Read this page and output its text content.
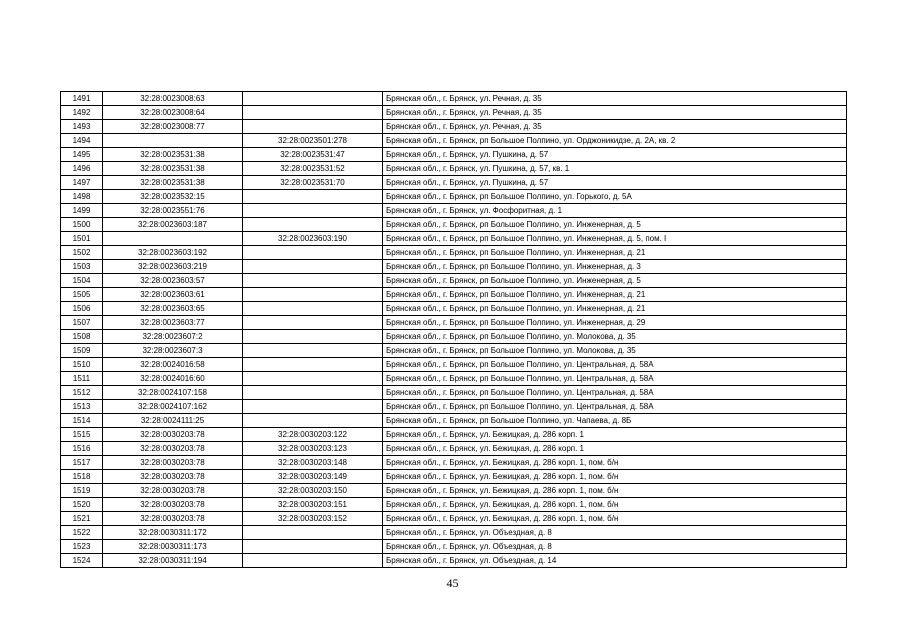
1491	32:28:0023008:63		Брянская обл., г. Брянск, ул. Речная, д. 35
1492	32:28:0023008:64		Брянская обл., г. Брянск, ул. Речная, д. 35
1493	32:28:0023008:77		Брянская обл., г. Брянск, ул. Речная, д. 35
1494		32:28:0023501:278	Брянская обл., г. Брянск, рп Большое Полпино, ул. Орджоникидзе, д. 2А, кв. 2
1495	32:28:0023531:38	32:28:0023531:47	Брянская обл., г. Брянск, ул. Пушкина, д. 57
1496	32:28:0023531:38	32:28:0023531:52	Брянская обл., г. Брянск, ул. Пушкина, д. 57, кв. 1
1497	32:28:0023531:38	32:28:0023531:70	Брянская обл., г. Брянск, ул. Пушкина, д. 57
1498	32:28:0023532:15		Брянская обл., г. Брянск, рп Большое Полпино, ул. Горького, д. 5А
1499	32:28:0023551:76		Брянская обл., г. Брянск, ул. Фосфоритная, д. 1
1500	32:28:0023603:187		Брянская обл., г. Брянск, рп Большое Полпино, ул. Инженерная, д. 5
1501		32:28:0023603:190	Брянская обл., г. Брянск, рп Большое Полпино, ул. Инженерная, д. 5, пом. I
1502	32:28:0023603:192		Брянская обл., г. Брянск, рп Большое Полпино, ул. Инженерная, д. 21
1503	32:28:0023603:219		Брянская обл., г. Брянск, рп Большое Полпино, ул. Инженерная, д. 3
1504	32:28:0023603:57		Брянская обл., г. Брянск, рп Большое Полпино, ул. Инженерная, д. 5
1505	32:28:0023603:61		Брянская обл., г. Брянск, рп Большое Полпино, ул. Инженерная, д. 21
1506	32:28:0023603:65		Брянская обл., г. Брянск, рп Большое Полпино, ул. Инженерная, д. 21
1507	32:28:0023603:77		Брянская обл., г. Брянск, рп Большое Полпино, ул. Инженерная, д. 29
1508	32:28:0023607:2		Брянская обл., г. Брянск, рп Большое Полпино, ул. Молокова, д. 35
1509	32:28:0023607:3		Брянская обл., г. Брянск, рп Большое Полпино, ул. Молокова, д. 35
1510	32:28:0024016:58		Брянская обл., г. Брянск, рп Большое Полпино, ул. Центральная, д. 58А
1511	32:28:0024016:60		Брянская обл., г. Брянск, рп Большое Полпино, ул. Центральная, д. 58А
1512	32:28:0024107:158		Брянская обл., г. Брянск, рп Большое Полпино, ул. Центральная, д. 58А
1513	32:28:0024107:162		Брянская обл., г. Брянск, рп Большое Полпино, ул. Центральная, д. 58А
1514	32:28:0024111:25		Брянская обл., г. Брянск, рп Большое Полпино, ул. Чапаева, д. 8Б
1515	32:28:0030203:78	32:28:0030203:122	Брянская обл., г. Брянск, ул. Бежицкая, д. 286 корп. 1
1516	32:28:0030203:78	32:28:0030203:123	Брянская обл., г. Брянск, ул. Бежицкая, д. 286 корп. 1
1517	32:28:0030203:78	32:28:0030203:148	Брянская обл., г. Брянск, ул. Бежицкая, д. 286 корп. 1, пом. б/н
1518	32:28:0030203:78	32:28:0030203:149	Брянская обл., г. Брянск, ул. Бежицкая, д. 286 корп. 1, пом. б/н
1519	32:28:0030203:78	32:28:0030203:150	Брянская обл., г. Брянск, ул. Бежицкая, д. 286 корп. 1, пом. б/н
1520	32:28:0030203:78	32:28:0030203:151	Брянская обл., г. Брянск, ул. Бежицкая, д. 286 корп. 1, пом. б/н
1521	32:28:0030203:78	32:28:0030203:152	Брянская обл., г. Брянск, ул. Бежицкая, д. 286 корп. 1, пом. б/н
1522	32:28:0030311:172		Брянская обл., г. Брянск, ул. Объездная, д. 8
1523	32:28:0030311:173		Брянская обл., г. Брянск, ул. Объездная, д. 8
1524	32:28:0030311:194		Брянская обл., г. Брянск, ул. Объездная, д. 14
45
